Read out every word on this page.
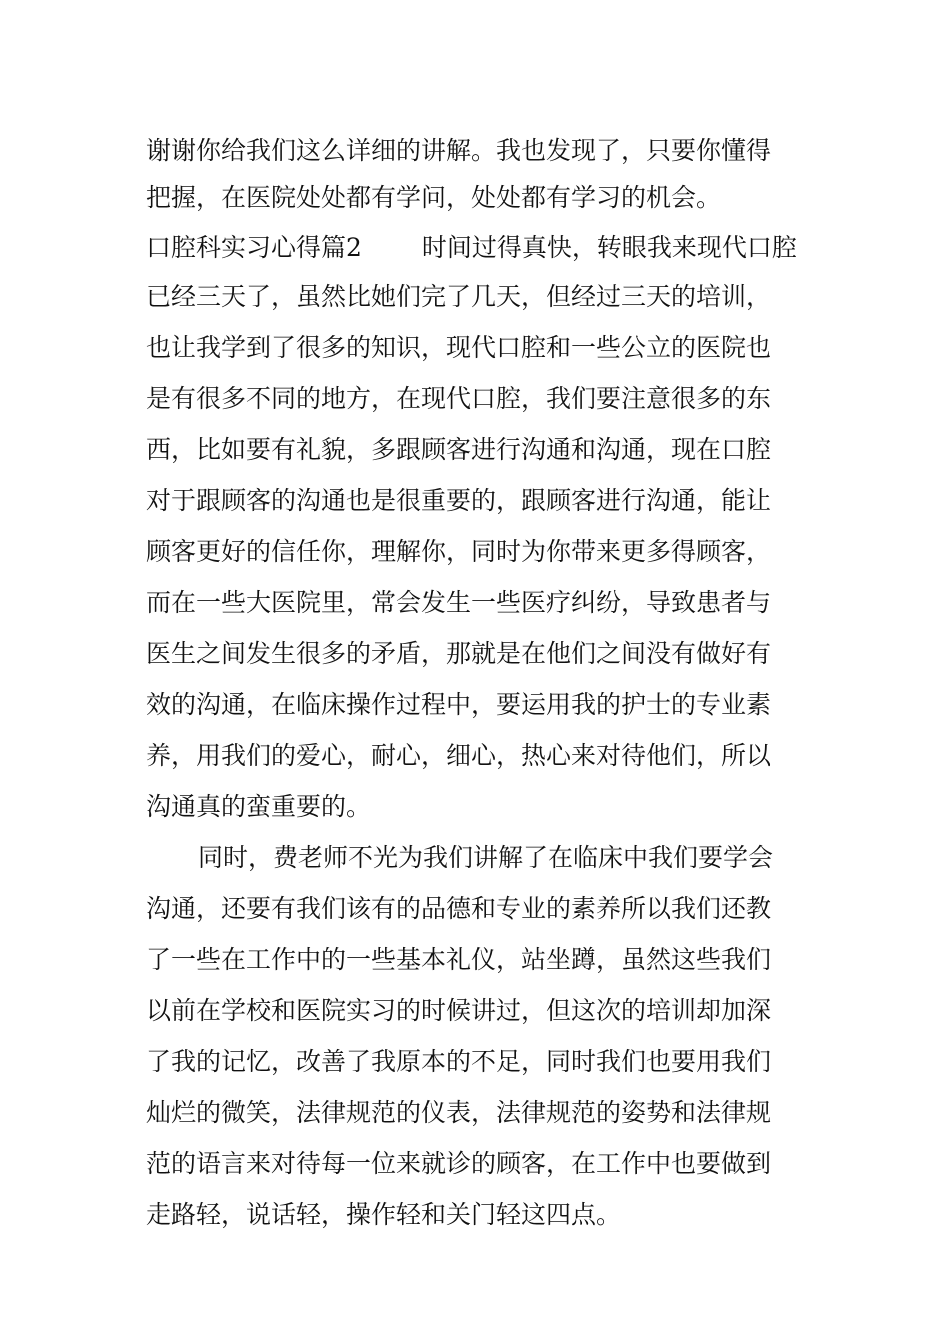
谢谢你给我们这么详细的讲解。我也发现了，只要你懂得
把握，在医院处处都有学问，处处都有学习的机会。
口腔科实习心得篇2 时间过得真快，转眼我来现代口腔
已经三天了，虽然比她们完了几天，但经过三天的培训，
也让我学到了很多的知识，现代口腔和一些公立的医院也
是有很多不同的地方，在现代口腔，我们要注意很多的东
西，比如要有礼貌，多跟顾客进行沟通和沟通，现在口腔
对于跟顾客的沟通也是很重要的，跟顾客进行沟通，能让
顾客更好的信任你，理解你，同时为你带来更多得顾客，
而在一些大医院里，常会发生一些医疗纠纷，导致患者与
医生之间发生很多的矛盾，那就是在他们之间没有做好有
效的沟通，在临床操作过程中，要运用我的护士的专业素
养，用我们的爱心，耐心，细心，热心来对待他们，所以
沟通真的蛮重要的。
同时，费老师不光为我们讲解了在临床中我们要学会
沟通，还要有我们该有的品德和专业的素养所以我们还教
了一些在工作中的一些基本礼仪，站坐蹲，虽然这些我们
以前在学校和医院实习的时候讲过，但这次的培训却加深
了我的记忆，改善了我原本的不足，同时我们也要用我们
灿烂的微笑，法律规范的仪表，法律规范的姿势和法律规
范的语言来对待每一位来就诊的顾客，在工作中也要做到
走路轻，说话轻，操作轻和关门轻这四点。
